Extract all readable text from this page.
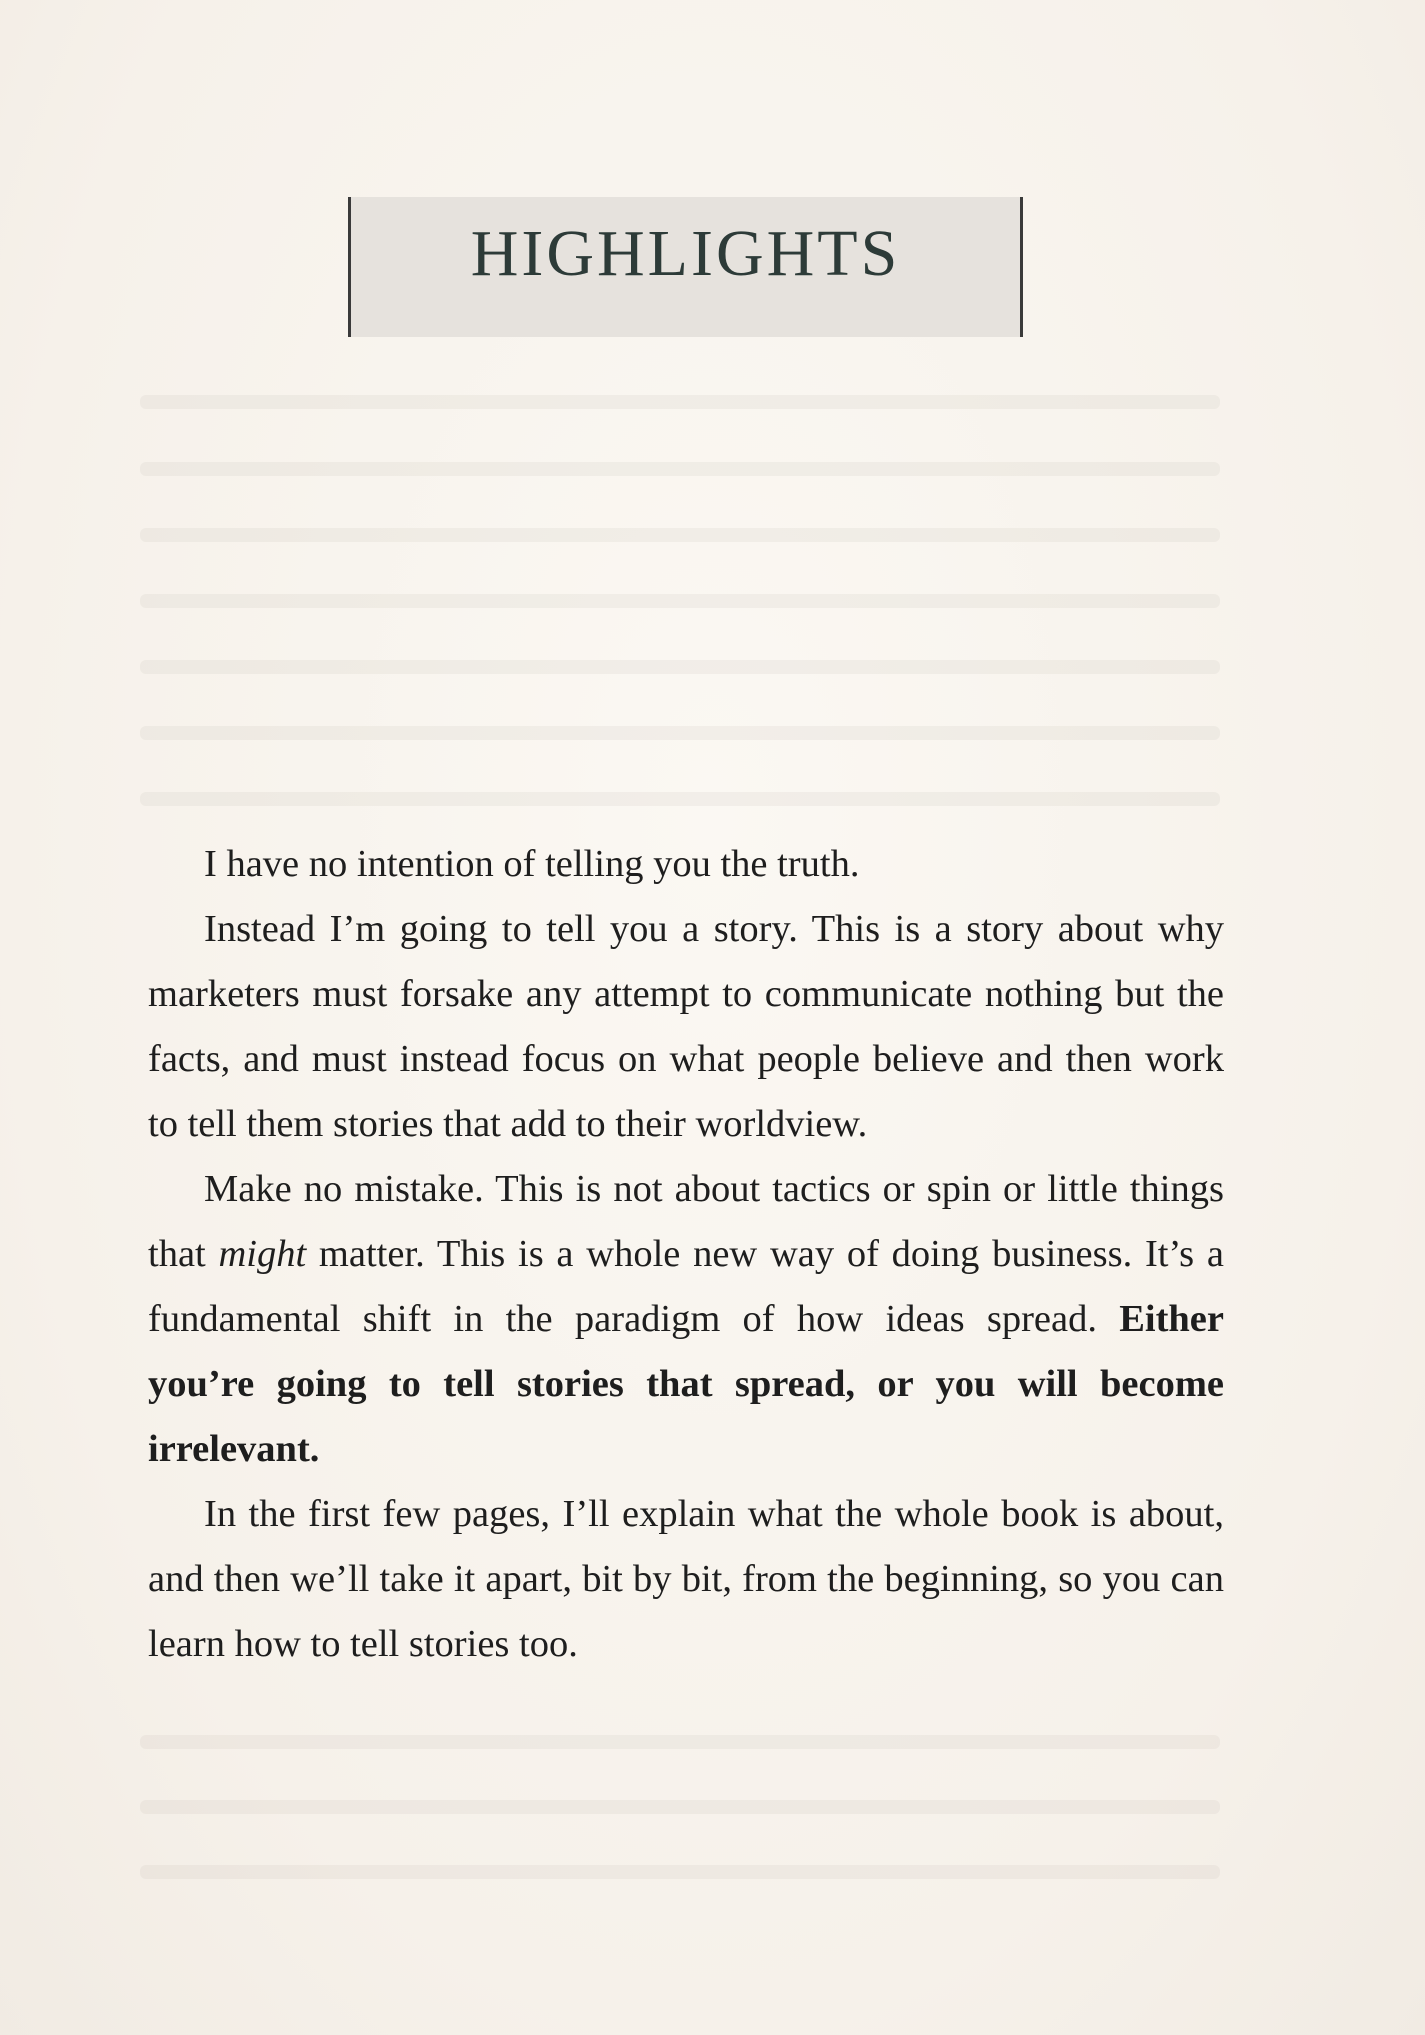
HIGHLIGHTS

I have no intention of telling you the truth.

Instead I’m going to tell you a story. This is a story about why marketers must forsake any attempt to communicate nothing but the facts, and must instead focus on what people believe and then work to tell them stories that add to their worldview.

Make no mistake. This is not about tactics or spin or little things that might matter. This is a whole new way of doing business. It’s a fundamental shift in the paradigm of how ideas spread. Either you’re going to tell stories that spread, or you will become irrelevant.

In the first few pages, I’ll explain what the whole book is about, and then we’ll take it apart, bit by bit, from the beginning, so you can learn how to tell stories too.
